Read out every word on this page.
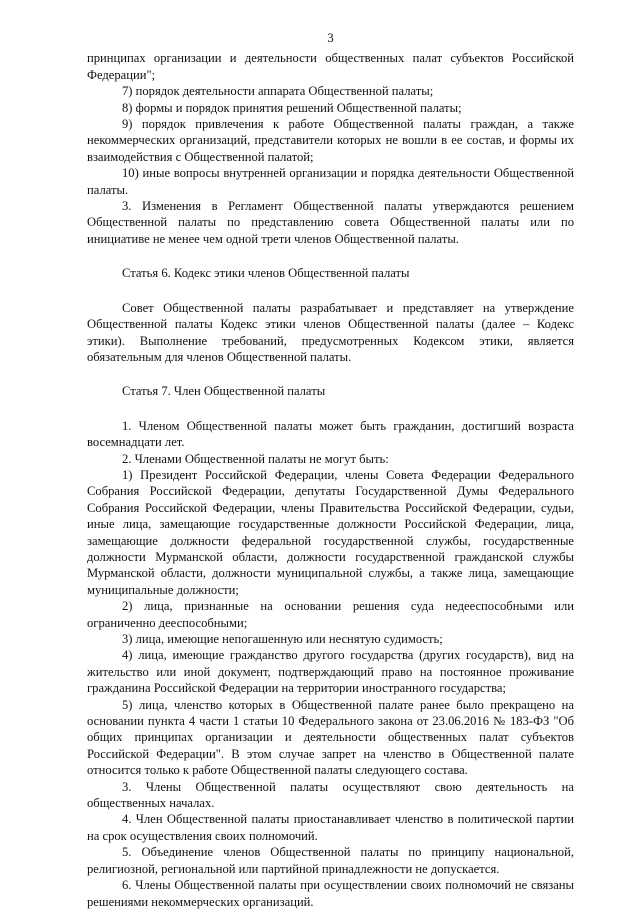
3

принципах организации и деятельности общественных палат субъектов Российской Федерации";

7) порядок деятельности аппарата Общественной палаты;

8) формы и порядок принятия решений Общественной палаты;

9) порядок привлечения к работе Общественной палаты граждан, а также некоммерческих организаций, представители которых не вошли в ее состав, и формы их взаимодействия с Общественной палатой;

10) иные вопросы внутренней организации и порядка деятельности Общественной палаты.

3. Изменения в Регламент Общественной палаты утверждаются решением Общественной палаты по представлению совета Общественной палаты или по инициативе не менее чем одной трети членов Общественной палаты.

Статья 6. Кодекс этики членов Общественной палаты

Совет Общественной палаты разрабатывает и представляет на утверждение Общественной палаты Кодекс этики членов Общественной палаты (далее – Кодекс этики). Выполнение требований, предусмотренных Кодексом этики, является обязательным для членов Общественной палаты.

Статья 7. Член Общественной палаты

1. Членом Общественной палаты может быть гражданин, достигший возраста восемнадцати лет.

2. Членами Общественной палаты не могут быть:

1) Президент Российской Федерации, члены Совета Федерации Федерального Собрания Российской Федерации, депутаты Государственной Думы Федерального Собрания Российской Федерации, члены Правительства Российской Федерации, судьи, иные лица, замещающие государственные должности Российской Федерации, лица, замещающие должности федеральной государственной службы, государственные должности Мурманской области, должности государственной гражданской службы Мурманской области, должности муниципальной службы, а также лица, замещающие муниципальные должности;

2) лица, признанные на основании решения суда недееспособными или ограниченно дееспособными;

3) лица, имеющие непогашенную или неснятую судимость;

4) лица, имеющие гражданство другого государства (других государств), вид на жительство или иной документ, подтверждающий право на постоянное проживание гражданина Российской Федерации на территории иностранного государства;

5) лица, членство которых в Общественной палате ранее было прекращено на основании пункта 4 части 1 статьи 10 Федерального закона от 23.06.2016 № 183-ФЗ "Об общих принципах организации и деятельности общественных палат субъектов Российской Федерации". В этом случае запрет на членство в Общественной палате относится только к работе Общественной палаты следующего состава.

3. Члены Общественной палаты осуществляют свою деятельность на общественных началах.

4. Член Общественной палаты приостанавливает членство в политической партии на срок осуществления своих полномочий.

5. Объединение членов Общественной палаты по принципу национальной, религиозной, региональной или партийной принадлежности не допускается.

6. Члены Общественной палаты при осуществлении своих полномочий не связаны решениями некоммерческих организаций.
